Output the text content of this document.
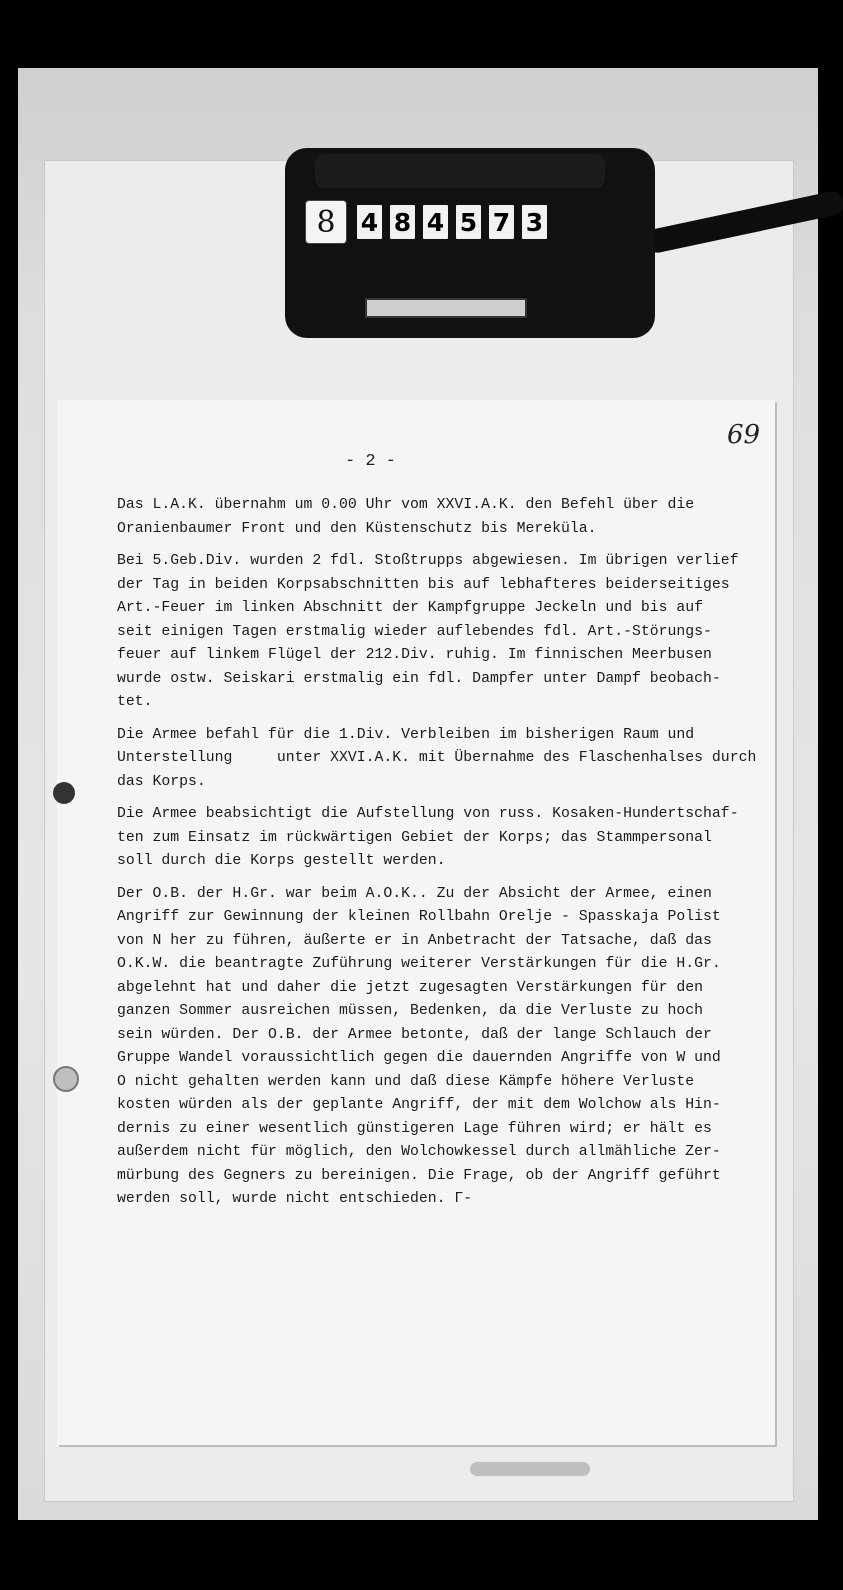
8	4 8 4 5 7 3
- 2 -
69

Das L.A.K. übernahm um 0.00 Uhr vom XXVI.A.K. den Befehl über die
Oranienbaumer Front und den Küstenschutz bis Mereküla.

Bei 5.Geb.Div. wurden 2 fdl. Stoßtrupps abgewiesen. Im übrigen verlief
der Tag in beiden Korpsabschnitten bis auf lebhafteres beiderseitiges
Art.-Feuer im linken Abschnitt der Kampfgruppe Jeckeln und bis auf
seit einigen Tagen erstmalig wieder auflebendes fdl. Art.-Störungs-
feuer auf linkem Flügel der 212.Div. ruhig. Im finnischen Meerbusen
wurde ostw. Seiskari erstmalig ein fdl. Dampfer unter Dampf beobach-
tet.

Die Armee befahl für die 1.Div. Verbleiben im bisherigen Raum und
Unterstellung     unter XXVI.A.K. mit Übernahme des Flaschenhalses durch
das Korps.

Die Armee beabsichtigt die Aufstellung von russ. Kosaken-Hundertschaf-
ten zum Einsatz im rückwärtigen Gebiet der Korps; das Stammpersonal
soll durch die Korps gestellt werden.

Der O.B. der H.Gr. war beim A.O.K.. Zu der Absicht der Armee, einen
Angriff zur Gewinnung der kleinen Rollbahn Orelje - Spasskaja Polist
von N her zu führen, äußerte er in Anbetracht der Tatsache, daß das
O.K.W. die beantragte Zuführung weiterer Verstärkungen für die H.Gr.
abgelehnt hat und daher die jetzt zugesagten Verstärkungen für den
ganzen Sommer ausreichen müssen, Bedenken, da die Verluste zu hoch
sein würden. Der O.B. der Armee betonte, daß der lange Schlauch der
Gruppe Wandel voraussichtlich gegen die dauernden Angriffe von W und
O nicht gehalten werden kann und daß diese Kämpfe höhere Verluste
kosten würden als der geplante Angriff, der mit dem Wolchow als Hin-
dernis zu einer wesentlich günstigeren Lage führen wird; er hält es
außerdem nicht für möglich, den Wolchowkessel durch allmähliche Zer-
mürbung des Gegners zu bereinigen. Die Frage, ob der Angriff geführt
werden soll, wurde nicht entschieden. Γ-
